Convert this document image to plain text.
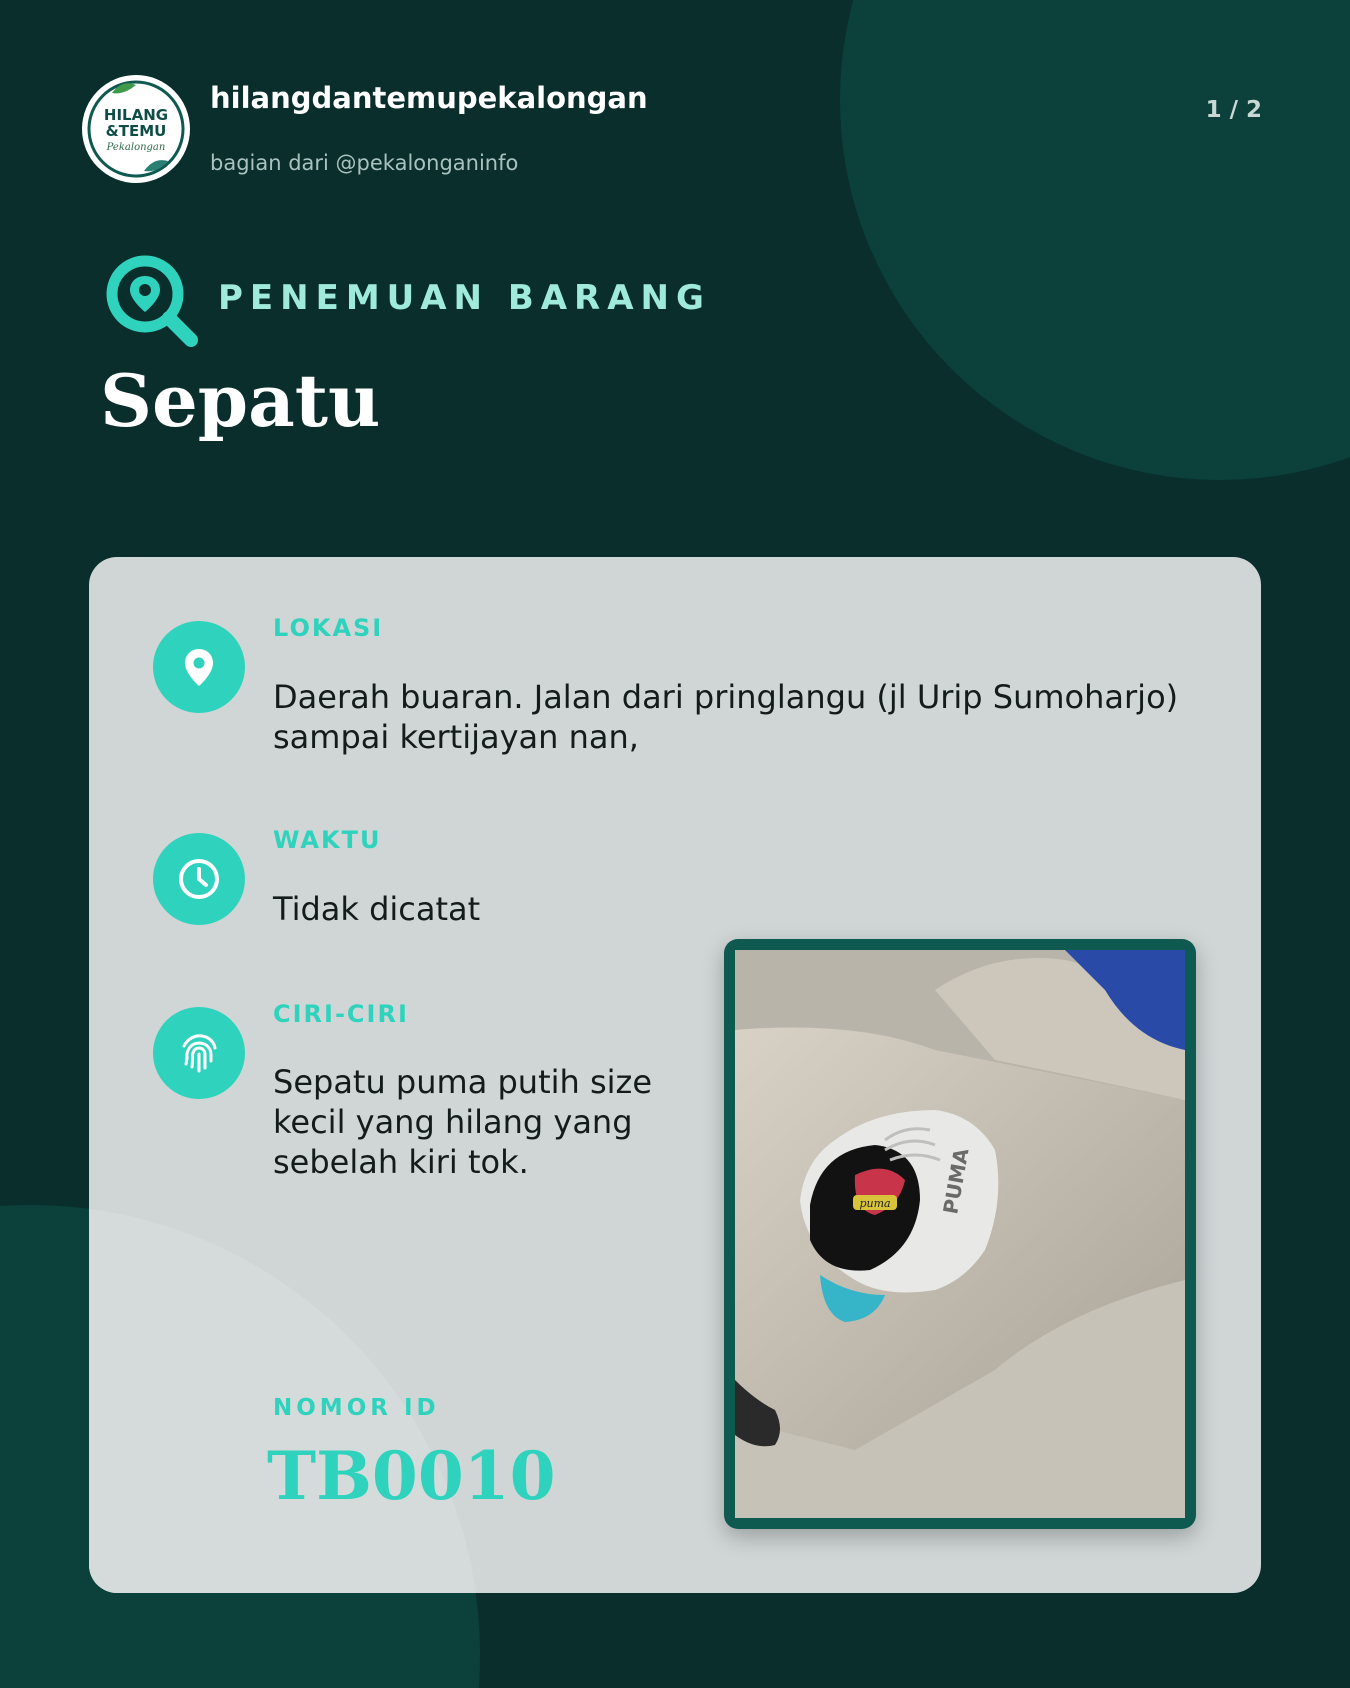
HILANG
&TEMU
Pekalongan
hilangdantemupekalongan
bagian dari @pekalonganinfo
1 / 2
PENEMUAN BARANG
Sepatu
LOKASI
Daerah buaran. Jalan dari pringlangu (jl Urip Sumoharjo)
sampai kertijayan nan,
WAKTU
Tidak dicatat
CIRI-CIRI
Sepatu puma putih size
kecil yang hilang yang
sebelah kiri tok.
NOMOR ID
TB0010
puma PUMA
